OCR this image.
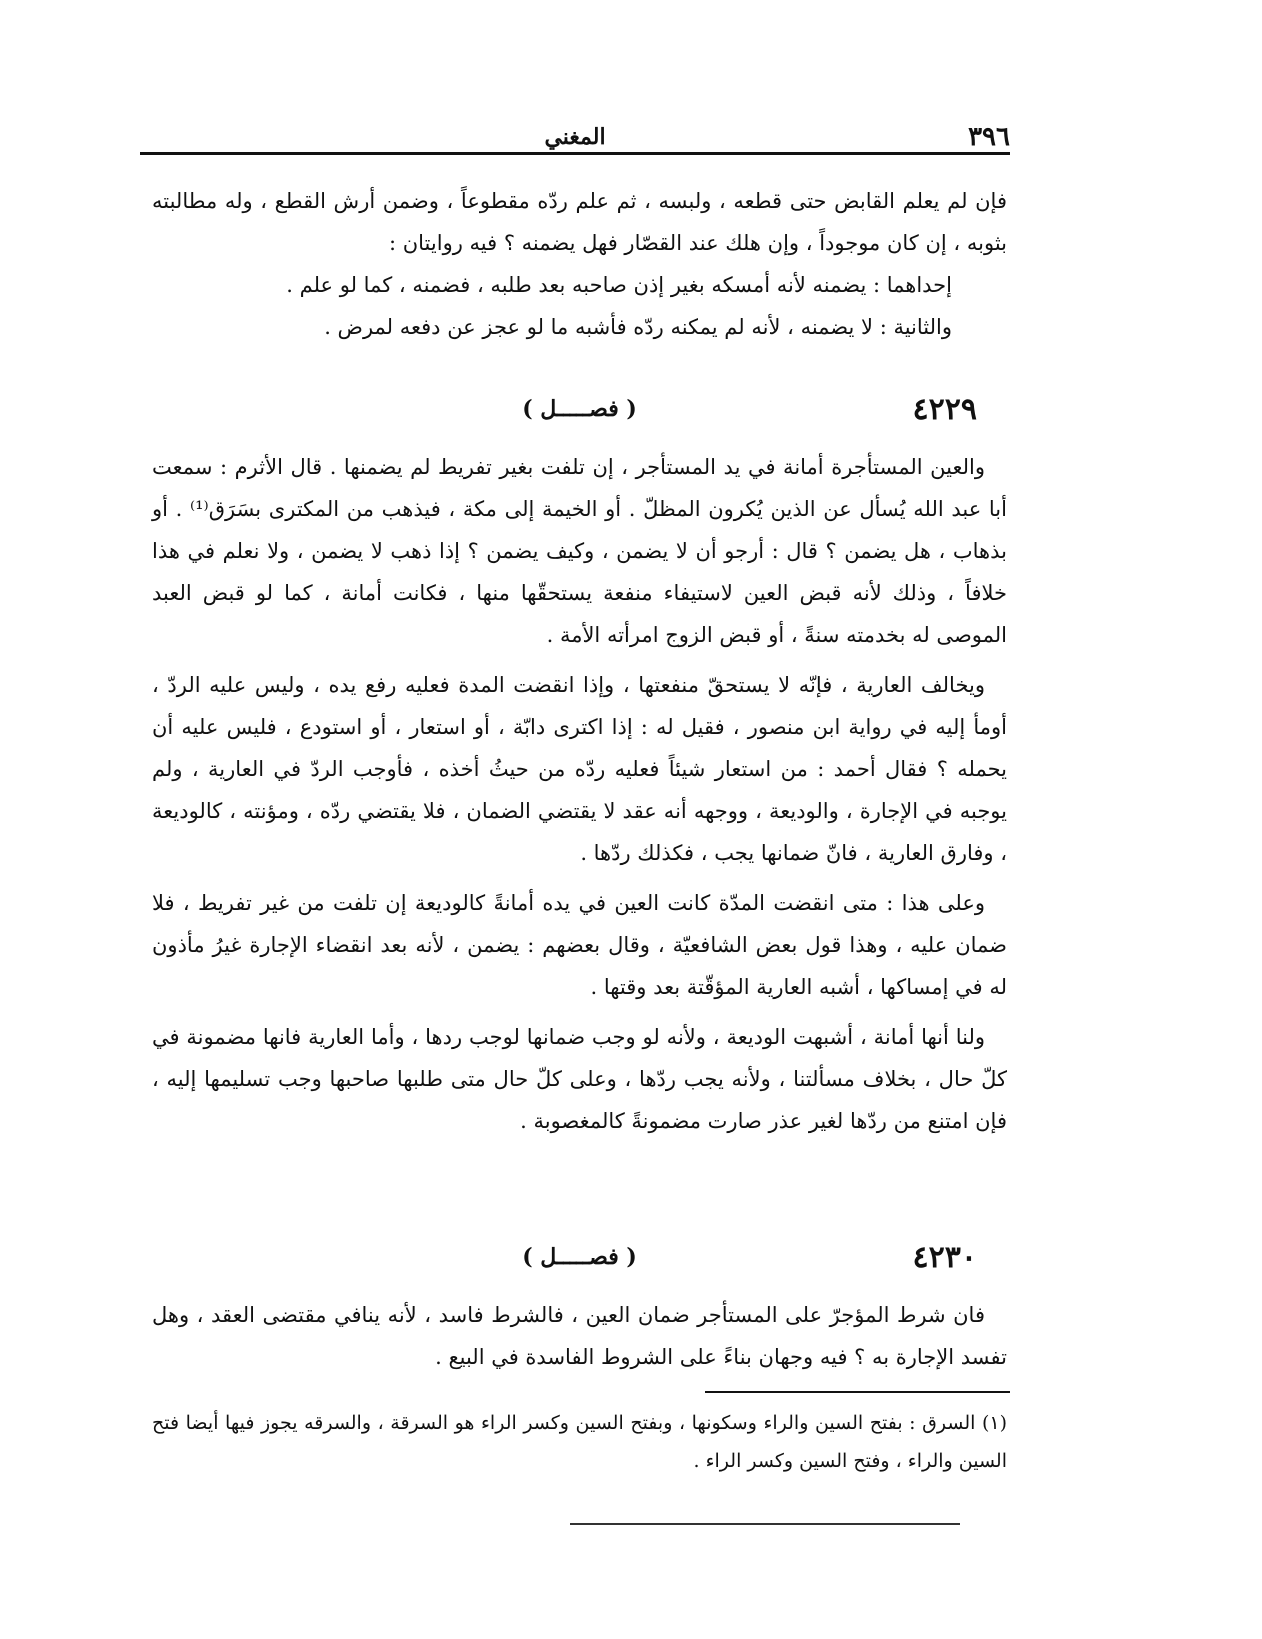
٣٩٦
المغني

فإن لم يعلم القابض حتى قطعه ، ولبسه ، ثم علم ردّه مقطوعاً ، وضمن أرش القطع ، وله مطالبته بثوبه ، إن كان موجوداً ، وإن هلك عند القصّار فهل يضمنه ؟ فيه روايتان :

إحداهما : يضمنه لأنه أمسكه بغير إذن صاحبه بعد طلبه ، فضمنه ، كما لو علم .

والثانية : لا يضمنه ، لأنه لم يمكنه ردّه فأشبه ما لو عجز عن دفعه لمرض .

٤٢٢٩
( فصـــــل )

والعين المستأجرة أمانة في يد المستأجر ، إن تلفت بغير تفريط لم يضمنها . قال الأثرم : سمعت أبا عبد الله يُسأل عن الذين يُكرون المظلّ . أو الخيمة إلى مكة ، فيذهب من المكترى بسَرَق⁽¹⁾ . أو بذهاب ، هل يضمن ؟ قال : أرجو أن لا يضمن ، وكيف يضمن ؟ إذا ذهب لا يضمن ، ولا نعلم في هذا خلافاً ، وذلك لأنه قبض العين لاستيفاء منفعة يستحقّها منها ، فكانت أمانة ، كما لو قبض العبد الموصى له بخدمته سنةً ، أو قبض الزوج امرأته الأمة .

ويخالف العارية ، فإنّه لا يستحقّ منفعتها ، وإذا انقضت المدة فعليه رفع يده ، وليس عليه الردّ ، أومأ إليه في رواية ابن منصور ، فقيل له : إذا اكترى دابّة ، أو استعار ، أو استودع ، فليس عليه أن يحمله ؟ فقال أحمد : من استعار شيئاً فعليه ردّه من حيثُ أخذه ، فأوجب الردّ في العارية ، ولم يوجبه في الإجارة ، والوديعة ، ووجهه أنه عقد لا يقتضي الضمان ، فلا يقتضي ردّه ، ومؤنته ، كالوديعة ، وفارق العارية ، فانّ ضمانها يجب ، فكذلك ردّها .

وعلى هذا : متى انقضت المدّة كانت العين في يده أمانةً كالوديعة إن تلفت من غير تفريط ، فلا ضمان عليه ، وهذا قول بعض الشافعيّة ، وقال بعضهم : يضمن ، لأنه بعد انقضاء الإجارة غيرُ مأذون له في إمساكها ، أشبه العارية المؤقّتة بعد وقتها .

ولنا أنها أمانة ، أشبهت الوديعة ، ولأنه لو وجب ضمانها لوجب ردها ، وأما العارية فانها مضمونة في كلّ حال ، بخلاف مسألتنا ، ولأنه يجب ردّها ، وعلى كلّ حال متى طلبها صاحبها وجب تسليمها إليه ، فإن امتنع من ردّها لغير عذر صارت مضمونةً كالمغصوبة .

٤٢٣٠
( فصـــــل )

فان شرط المؤجرّ على المستأجر ضمان العين ، فالشرط فاسد ، لأنه ينافي مقتضى العقد ، وهل تفسد الإجارة به ؟ فيه وجهان بناءً على الشروط الفاسدة في البيع .

(١) السرق : بفتح السين والراء وسكونها ، وبفتح السين وكسر الراء هو السرقة ، والسرقه يجوز فيها أيضا فتح السين والراء ، وفتح السين وكسر الراء .
